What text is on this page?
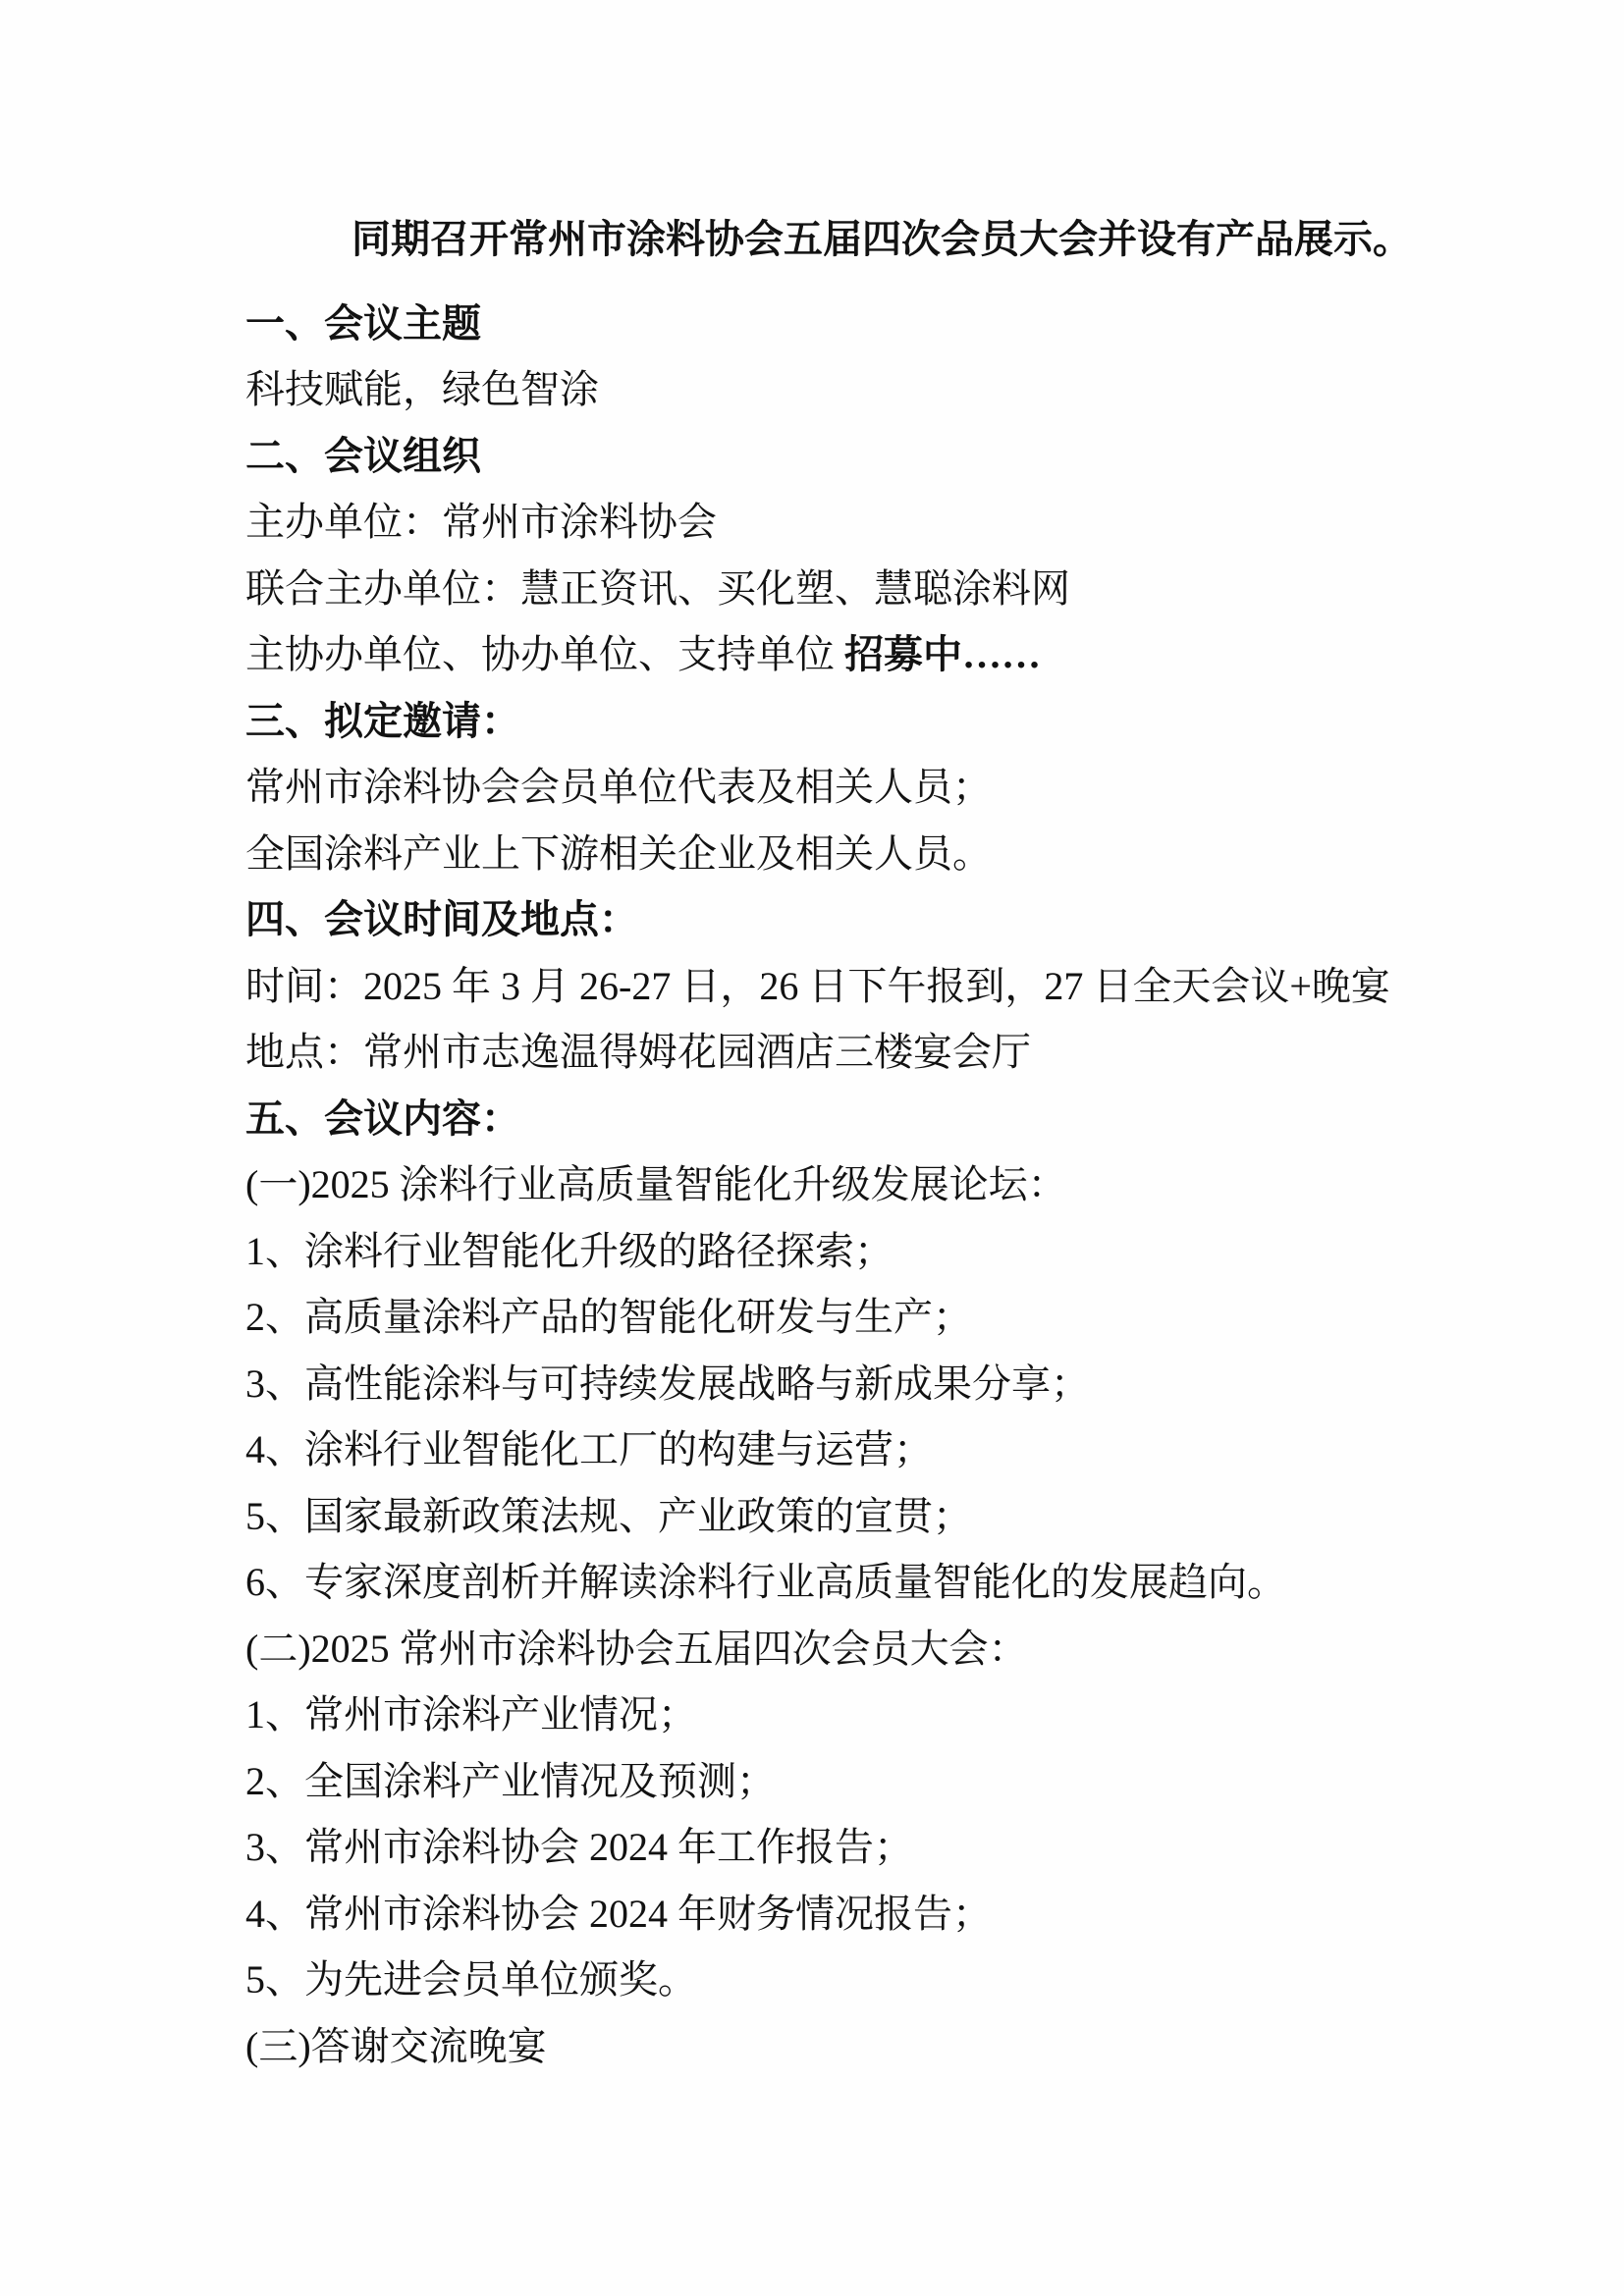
同期召开常州市涂料协会五届四次会员大会并设有产品展示。

一、会议主题

科技赋能，绿色智涂

二、会议组织

主办单位：常州市涂料协会

联合主办单位：慧正资讯、买化塑、慧聪涂料网

主协办单位、协办单位、支持单位 招募中……

三、拟定邀请：

常州市涂料协会会员单位代表及相关人员；

全国涂料产业上下游相关企业及相关人员。

四、会议时间及地点：

时间：2025 年 3 月 26-27 日，26 日下午报到，27 日全天会议+晚宴

地点：常州市志逸温得姆花园酒店三楼宴会厅

五、会议内容：

(一)2025 涂料行业高质量智能化升级发展论坛：

1、涂料行业智能化升级的路径探索；

2、高质量涂料产品的智能化研发与生产；

3、高性能涂料与可持续发展战略与新成果分享；

4、涂料行业智能化工厂的构建与运营；

5、国家最新政策法规、产业政策的宣贯；

6、专家深度剖析并解读涂料行业高质量智能化的发展趋向。

(二)2025 常州市涂料协会五届四次会员大会：

1、常州市涂料产业情况；

2、全国涂料产业情况及预测；

3、常州市涂料协会 2024 年工作报告；

4、常州市涂料协会 2024 年财务情况报告；

5、为先进会员单位颁奖。

(三)答谢交流晚宴
